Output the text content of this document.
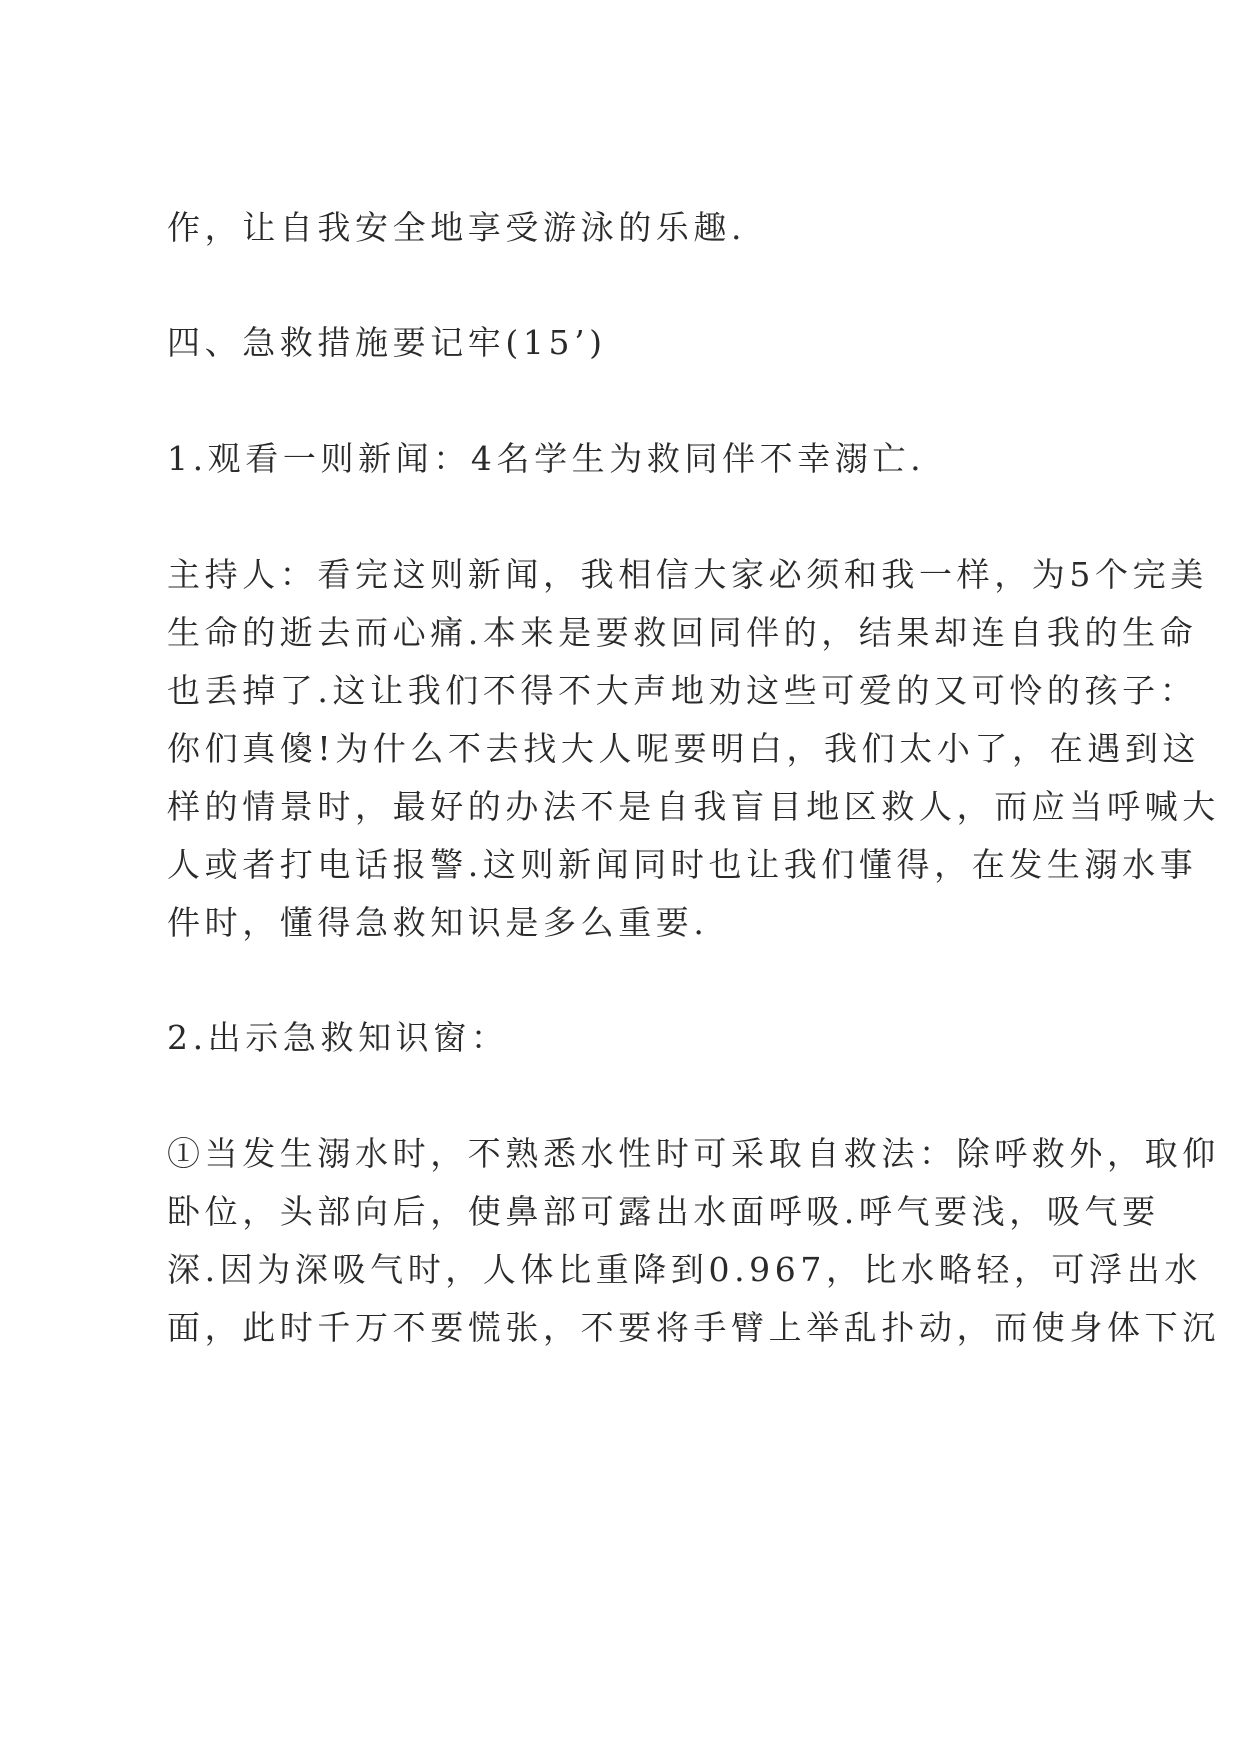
作，让自我安全地享受游泳的乐趣.
四、急救措施要记牢(15’)
1.观看一则新闻：4名学生为救同伴不幸溺亡.
主持人：看完这则新闻，我相信大家必须和我一样，为5个完美
生命的逝去而心痛.本来是要救回同伴的，结果却连自我的生命
也丢掉了.这让我们不得不大声地劝这些可爱的又可怜的孩子：
你们真傻!为什么不去找大人呢要明白，我们太小了，在遇到这
样的情景时，最好的办法不是自我盲目地区救人，而应当呼喊大
人或者打电话报警.这则新闻同时也让我们懂得，在发生溺水事
件时，懂得急救知识是多么重要.
2.出示急救知识窗：
①当发生溺水时，不熟悉水性时可采取自救法：除呼救外，取仰
卧位，头部向后，使鼻部可露出水面呼吸.呼气要浅，吸气要
深.因为深吸气时，人体比重降到0.967，比水略轻，可浮出水
面，此时千万不要慌张，不要将手臂上举乱扑动，而使身体下沉
